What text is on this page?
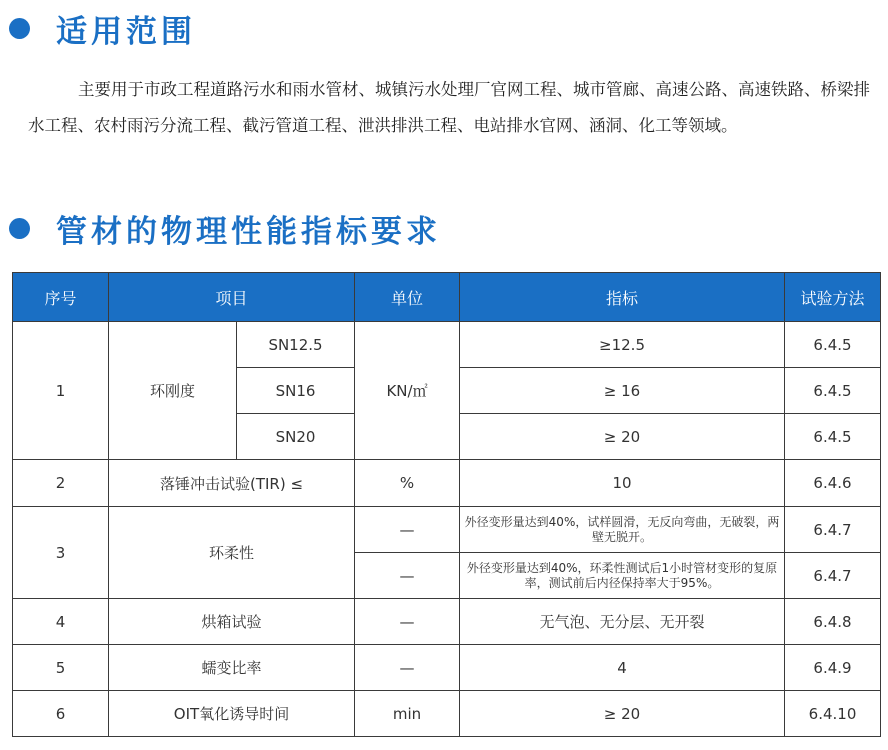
适用范围

主要用于市政工程道路污水和雨水管材、城镇污水处理厂官网工程、城市管廊、高速公路、高速铁路、桥梁排水工程、农村雨污分流工程、截污管道工程、泄洪排洪工程、电站排水官网、涵洞、化工等领域。

管材的物理性能指标要求
序号	项目		单位	指标	试验方法
1	环刚度	SN12.5	KN/㎡	≥12.5	6.4.5
		SN16		≥ 16	6.4.5
		SN20		≥ 20	6.4.5
2	落锤冲击试验(TIR) ≤		%	10	6.4.6
3	环柔性		—	外径变形量达到40%，试样圆滑，无反向弯曲，无破裂，两壁无脱开。	6.4.7
			—	外径变形量达到40%，环柔性测试后1小时管材变形的复原率，测试前后内径保持率大于95%。	6.4.7
4	烘箱试验		—	无气泡、无分层、无开裂	6.4.8
5	蠕变比率		—	4	6.4.9
6	OIT氧化诱导时间		min	≥ 20	6.4.10
